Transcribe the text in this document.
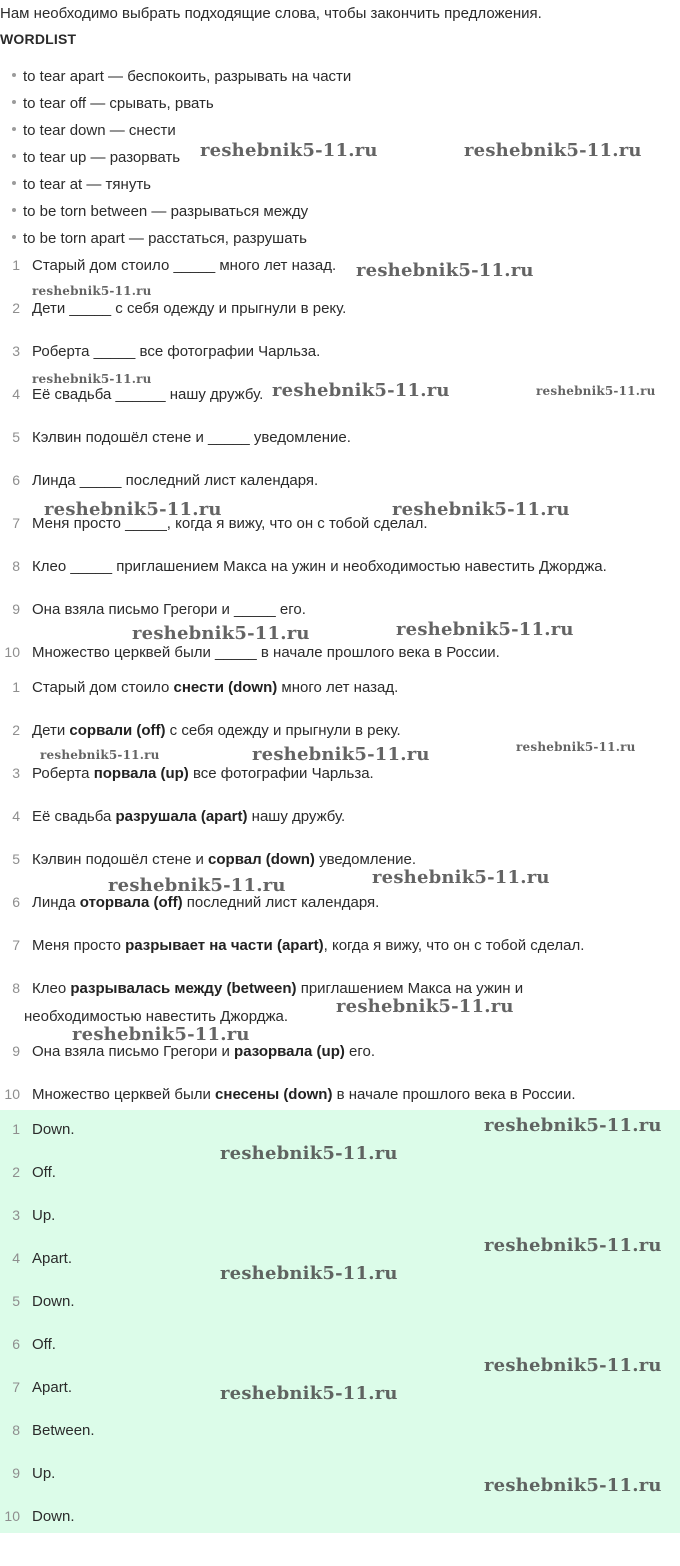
Нам необходимо выбрать подходящие слова, чтобы закончить предложения.
WORDLIST
to tear apart — беспокоить, разрывать на части
to tear off — срывать, рвать
to tear down — снести
to tear up — разорвать
to tear at — тянуть
to be torn between — разрываться между
to be torn apart — расстаться, разрушать
1 Старый дом стоило _____ много лет назад.
2 Дети _____ с себя одежду и прыгнули в реку.
3 Роберта _____ все фотографии Чарльза.
4 Её свадьба ______ нашу дружбу.
5 Кэлвин подошёл стене и _____ уведомление.
6 Линда _____ последний лист календаря.
7 Меня просто _____, когда я вижу, что он с тобой сделал.
8 Клео _____ приглашением Макса на ужин и необходимостью навестить Джорджа.
9 Она взяла письмо Грегори и _____ его.
10 Множество церквей были _____ в начале прошлого века в России.
1 Старый дом стоило снести (down) много лет назад.
2 Дети сорвали (off) с себя одежду и прыгнули в реку.
3 Роберта порвала (up) все фотографии Чарльза.
4 Её свадьба разрушала (apart) нашу дружбу.
5 Кэлвин подошёл стене и сорвал (down) уведомление.
6 Линда оторвала (off) последний лист календаря.
7 Меня просто разрывает на части (apart), когда я вижу, что он с тобой сделал.
8 Клео разрывалась между (between) приглашением Макса на ужин и
необходимостью навестить Джорджа.
9 Она взяла письмо Грегори и разорвала (up) его.
10 Множество церквей были снесены (down) в начале прошлого века в России.
1 Down.
2 Off.
3 Up.
4 Apart.
5 Down.
6 Off.
7 Apart.
8 Between.
9 Up.
10 Down.
reshebnik5-11.ru	reshebnik5-11.ru
reshebnik5-11.ru
reshebnik5-11.ru
reshebnik5-11.ru
reshebnik5-11.ru	reshebnik5-11.ru
reshebnik5-11.ru	reshebnik5-11.ru
reshebnik5-11.ru	reshebnik5-11.ru
reshebnik5-11.ru	reshebnik5-11.ru	reshebnik5-11.ru
reshebnik5-11.ru	reshebnik5-11.ru
reshebnik5-11.ru
reshebnik5-11.ru
reshebnik5-11.ru
reshebnik5-11.ru
reshebnik5-11.ru
reshebnik5-11.ru
reshebnik5-11.ru
reshebnik5-11.ru
reshebnik5-11.ru
